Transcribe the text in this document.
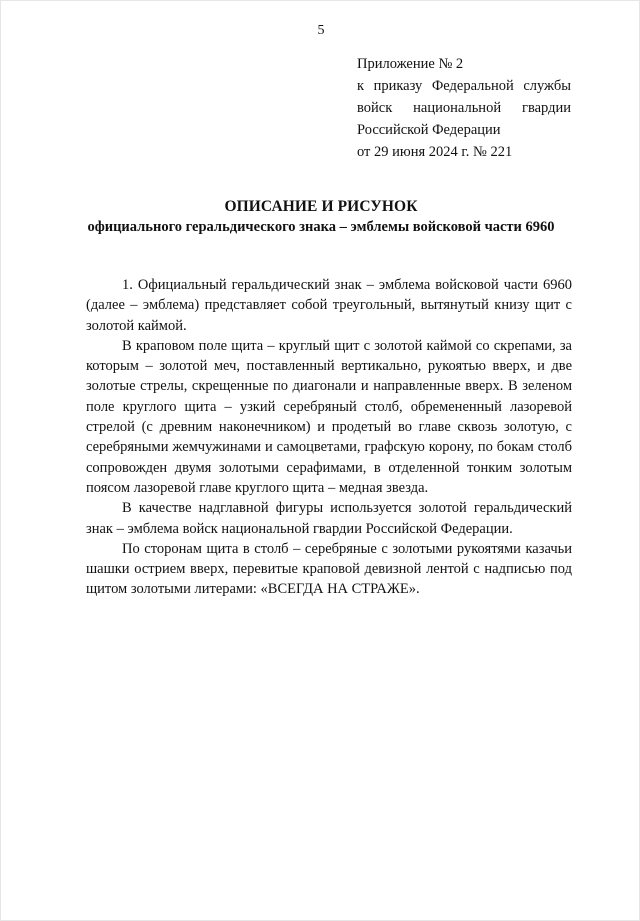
5
Приложение № 2
к приказу Федеральной службы
войск национальной гвардии
Российской Федерации
от 29 июня 2024 г. № 221
ОПИСАНИЕ И РИСУНОК
официального геральдического знака – эмблемы войсковой части 6960

1. Официальный геральдический знак – эмблема войсковой части 6960 (далее – эмблема) представляет собой треугольный, вытянутый книзу щит с золотой каймой.

В крaповом поле щита – круглый щит с золотой каймой со скрепами, за которым – золотой меч, поставленный вертикально, рукоятью вверх, и две золотые стрелы, скрещенные по диагонали и направленные вверх. В зеленом поле круглого щита – узкий серебряный столб, обремененный лазоревой стрелой (с древним наконечником) и продетый во главе сквозь золотую, с серебряными жемчужинами и самоцветами, графскую корону, по бокам столб сопровожден двумя золотыми серафимами, в отделенной тонким золотым поясом лазоревой главе круглого щита – медная звезда.

В качестве надглавной фигуры используется золотой геральдический знак – эмблема войск национальной гвардии Российской Федерации.

По сторонам щита в столб – серебряные с золотыми рукоятями казачьи шашки острием вверх, перевитые краповой девизной лентой с надписью под щитом золотыми литерами: «ВСЕГДА НА СТРАЖЕ».
